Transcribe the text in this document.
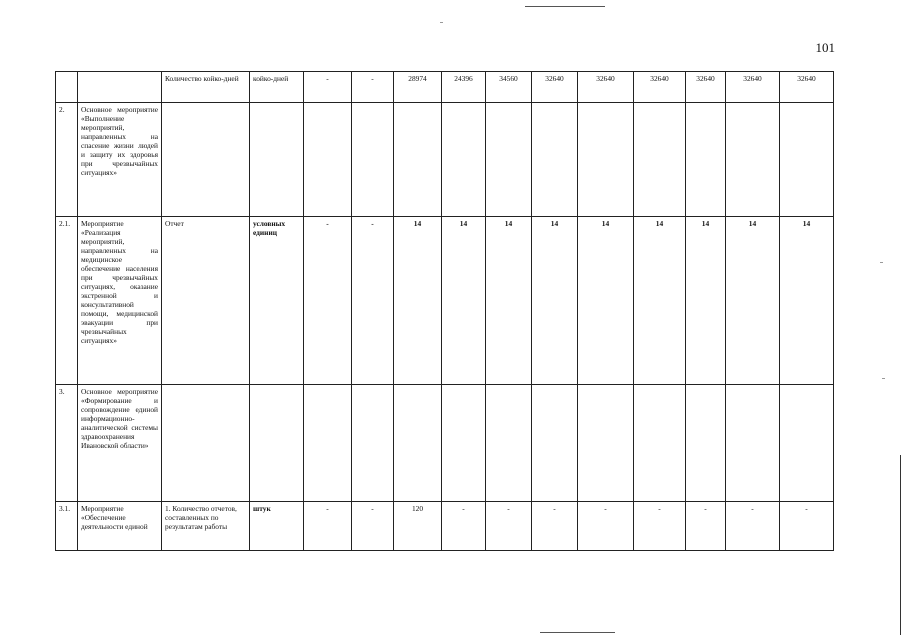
101
		Количество койко-дней	койко-дней	-	-	28974	24396	34560	32640	32640	32640	32640	32640	32640
2.	Основное мероприятие «Выполнение мероприятий, направленных на спасение жизни людей и защиту их здоровья при чрезвычайных ситуациях»													
2.1.	Мероприятие «Реализация мероприятий, направленных на медицинское обеспечение населения при чрезвычайных ситуациях, оказание экстренной и консультативной помощи, медицинской эвакуации при чрезвычайных ситуациях»	Отчет	условных единиц	-	-	14	14	14	14	14	14	14	14	14
3.	Основное мероприятие «Формирование и сопровождение единой информационно-аналитической системы здравоохранения Ивановской области»													
3.1.	Мероприятие «Обеспечение деятельности единой	1. Количество отчетов, составленных по результатам работы	штук	-	-	120	-	-	-	-	-	-	-	-
